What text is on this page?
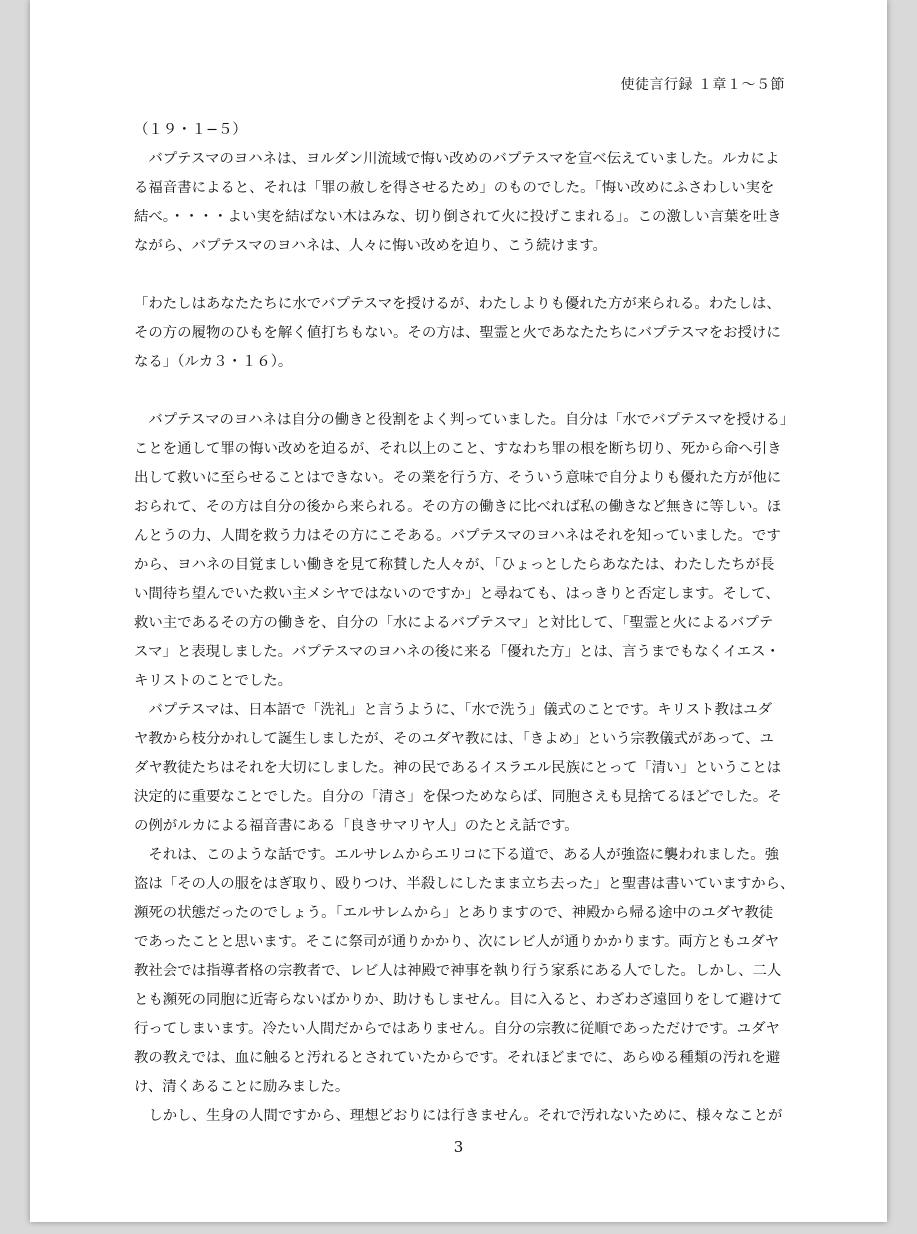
使徒言行録 １章１〜５節
（１９・１−５）
　バプテスマのヨハネは、ヨルダン川流域で悔い改めのバプテスマを宣べ伝えていました。ルカによ
る福音書によると、それは「罪の赦しを得させるため」のものでした。「悔い改めにふさわしい実を
結べ。・・・・よい実を結ばない木はみな、切り倒されて火に投げこまれる」。この激しい言葉を吐き
ながら、バプテスマのヨハネは、人々に悔い改めを迫り、こう続けます。
「わたしはあなたたちに水でバプテスマを授けるが、わたしよりも優れた方が来られる。わたしは、
その方の履物のひもを解く値打ちもない。その方は、聖霊と火であなたたちにバプテスマをお授けに
なる」（ルカ３・１６）。
　バプテスマのヨハネは自分の働きと役割をよく判っていました。自分は「水でバプテスマを授ける」
ことを通して罪の悔い改めを迫るが、それ以上のこと、すなわち罪の根を断ち切り、死から命へ引き
出して救いに至らせることはできない。その業を行う方、そういう意味で自分よりも優れた方が他に
おられて、その方は自分の後から来られる。その方の働きに比べれば私の働きなど無きに等しい。ほ
んとうの力、人間を救う力はその方にこそある。バプテスマのヨハネはそれを知っていました。です
から、ヨハネの目覚ましい働きを見て称賛した人々が、「ひょっとしたらあなたは、わたしたちが長
い間待ち望んでいた救い主メシヤではないのですか」と尋ねても、はっきりと否定します。そして、
救い主であるその方の働きを、自分の「水によるバプテスマ」と対比して、「聖霊と火によるバプテ
スマ」と表現しました。バプテスマのヨハネの後に来る「優れた方」とは、言うまでもなくイエス・
キリストのことでした。
　バプテスマは、日本語で「洗礼」と言うように、「水で洗う」儀式のことです。キリスト教はユダ
ヤ教から枝分かれして誕生しましたが、そのユダヤ教には、「きよめ」という宗教儀式があって、ユ
ダヤ教徒たちはそれを大切にしました。神の民であるイスラエル民族にとって「清い」ということは
決定的に重要なことでした。自分の「清さ」を保つためならば、同胞さえも見捨てるほどでした。そ
の例がルカによる福音書にある「良きサマリヤ人」のたとえ話です。
　それは、このような話です。エルサレムからエリコに下る道で、ある人が強盗に襲われました。強
盗は「その人の服をはぎ取り、殴りつけ、半殺しにしたまま立ち去った」と聖書は書いていますから、
瀕死の状態だったのでしょう。「エルサレムから」とありますので、神殿から帰る途中のユダヤ教徒
であったことと思います。そこに祭司が通りかかり、次にレビ人が通りかかります。両方ともユダヤ
教社会では指導者格の宗教者で、レビ人は神殿で神事を執り行う家系にある人でした。しかし、二人
とも瀕死の同胞に近寄らないばかりか、助けもしません。目に入ると、わざわざ遠回りをして避けて
行ってしまいます。冷たい人間だからではありません。自分の宗教に従順であっただけです。ユダヤ
教の教えでは、血に触ると汚れるとされていたからです。それほどまでに、あらゆる種類の汚れを避
け、清くあることに励みました。
　しかし、生身の人間ですから、理想どおりには行きません。それで汚れないために、様々なことが
3
